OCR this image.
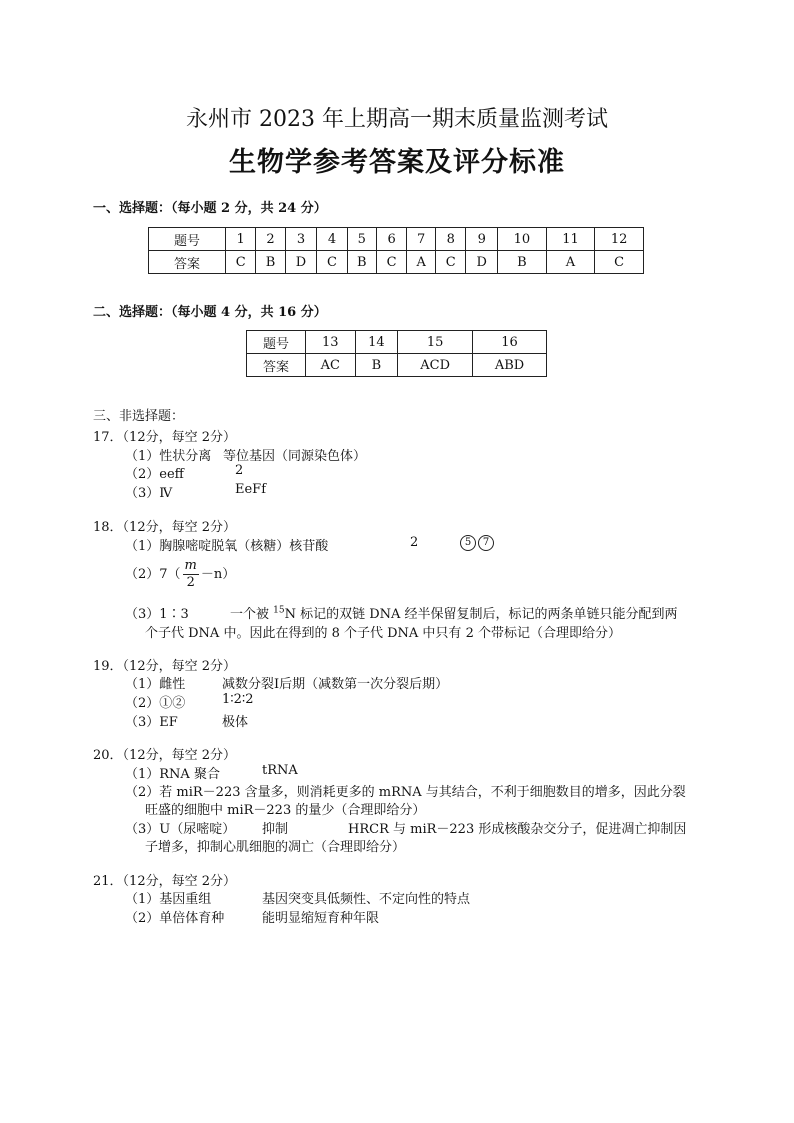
永州市 2023 年上期高一期末质量监测考试
生物学参考答案及评分标准
一、选择题：（每小题 2 分，共 24 分）
题号	1	2	3	4	5	6	7	8	9	10	11	12
答案	C	B	D	C	B	C	A	C	D	B	A	C
二、选择题：（每小题 4 分，共 16 分）
题号	13	14	15	16
答案	AC	B	ACD	ABD
三、非选择题：
17．（12分，每空 2分）
（1）性状分离 等位基因（同源染色体）
（2）eeff	2
（3）Ⅳ	EeFf
18．（12分，每空 2分）
（1）胸腺嘧啶脱氧（核糖）核苷酸	2	5 7
$(2)7( \frac{m}{2} -n)$
（3）1∶3	一个被 $^{15}$N 标记的双链 DNA 经半保留复制后，标记的两条单链只能分配到两
个子代 DNA 中。因此在得到的 8 个子代 DNA 中只有 2 个带标记（合理即给分）
19．（12分，每空 2分）
（1）雌性	减数分裂Ⅰ后期（减数第一次分裂后期）
（2）①②	1∶2∶2
（3）EF	极体
20．（12分，每空 2分）
（1）RNA 聚合	tRNA
（2）若 miR－223 含量多，则消耗更多的 mRNA 与其结合，不利于细胞数目的增多，因此分裂
旺盛的细胞中 miR－223 的量少（合理即给分）
（3）U（尿嘧啶） 抑制	HRCR 与 miR－223 形成核酸杂交分子，促进凋亡抑制因
子增多，抑制心肌细胞的凋亡（合理即给分）
21．（12分，每空 2分）
（1）基因重组	基因突变具低频性、不定向性的特点
（2）单倍体育种	能明显缩短育种年限
